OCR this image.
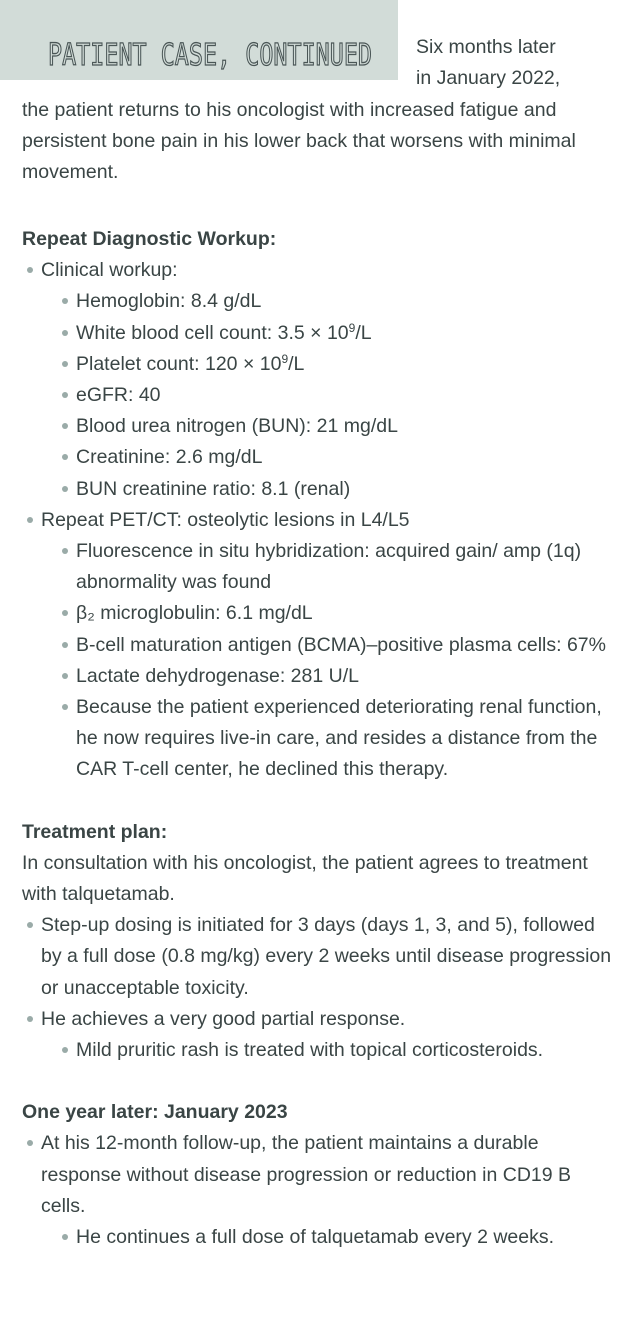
PATIENT CASE, CONTINUED Six months later
in January 2022,

the patient returns to his oncologist with increased fatigue and persistent bone pain in his lower back that worsens with minimal movement.

Repeat Diagnostic Workup:
Clinical workup:
Hemoglobin: 8.4 g/dL
White blood cell count: $3.5 \times 10^9/L$
Platelet count: $120 \times 10^9/L$
eGFR: 40
Blood urea nitrogen (BUN): 21 mg/dL
Creatinine: 2.6 mg/dL
BUN creatinine ratio: 8.1 (renal)
Repeat PET/CT: osteolytic lesions in L4/L5
Fluorescence in situ hybridization: acquired gain/ amp (1q) abnormality was found
β₂ microglobulin: 6.1 mg/dL
B-cell maturation antigen (BCMA)–positive plasma cells: 67%
Lactate dehydrogenase: 281 U/L
Because the patient experienced deteriorating renal function, he now requires live-in care, and resides a distance from the CAR T-cell center, he declined this therapy.
Treatment plan:

In consultation with his oncologist, the patient agrees to treatment with talquetamab.

Step-up dosing is initiated for 3 days (days 1, 3, and 5), followed by a full dose (0.8 mg/kg) every 2 weeks until disease progression or unacceptable toxicity.
He achieves a very good partial response.
Mild pruritic rash is treated with topical corticosteroids.
One year later: January 2023
At his 12-month follow-up, the patient maintains a durable response without disease progression or reduction in CD19 B cells.
He continues a full dose of talquetamab every 2 weeks.
